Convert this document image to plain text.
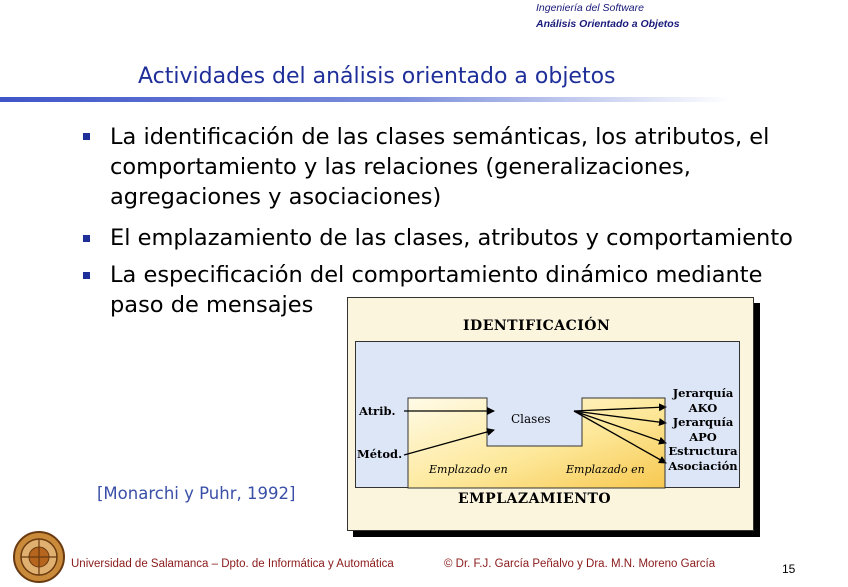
Ingeniería del Software
Análisis Orientado a Objetos
Actividades del análisis orientado a objetos
La identificación de las clases semánticas, los atributos, el
comportamiento y las relaciones (generalizaciones,
agregaciones y asociaciones)
El emplazamiento de las clases, atributos y comportamiento
La especificación del comportamiento dinámico mediante
paso de mensajes
IDENTIFICACIÓN
Atrib.
Métod.
Clases
Emplazado en	Emplazado en
Jerarquía
AKO
Jerarquía
APO
Estructura
Asociación
EMPLAZAMIENTO
[Monarchi y Puhr, 1992]
Universidad de Salamanca – Dpto. de Informática y Automática	© Dr. F.J. García Peñalvo y Dra. M.N. Moreno García	15
